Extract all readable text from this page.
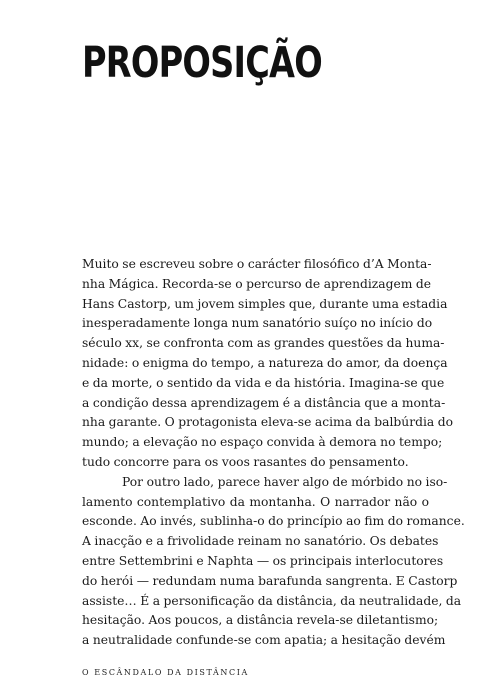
PROPOSIÇÃO
Muito se escreveu sobre o carácter filosófico d’A Monta-
nha Mágica. Recorda-se o percurso de aprendizagem de
Hans Castorp, um jovem simples que, durante uma estadia
inesperadamente longa num sanatório suíço no início do
século xx, se confronta com as grandes questões da huma-
nidade: o enigma do tempo, a natureza do amor, da doença
e da morte, o sentido da vida e da história. Imagina-se que
a condição dessa aprendizagem é a distância que a monta-
nha garante. O protagonista eleva-se acima da balbúrdia do
mundo; a elevação no espaço convida à demora no tempo;
tudo concorre para os voos rasantes do pensamento.
Por outro lado, parece haver algo de mórbido no iso-
lamento contemplativo da montanha. O narrador não o
esconde. Ao invés, sublinha-o do princípio ao fim do romance.
A inacção e a frivolidade reinam no sanatório. Os debates
entre Settembrini e Naphta — os principais interlocutores
do herói — redundam numa barafunda sangrenta. E Castorp
assiste… É a personificação da distância, da neutralidade, da
hesitação. Aos poucos, a distância revela-se diletantismo;
a neutralidade confunde-se com apatia; a hesitação devém
O ESCÂNDALO DA DISTÂNCIA
